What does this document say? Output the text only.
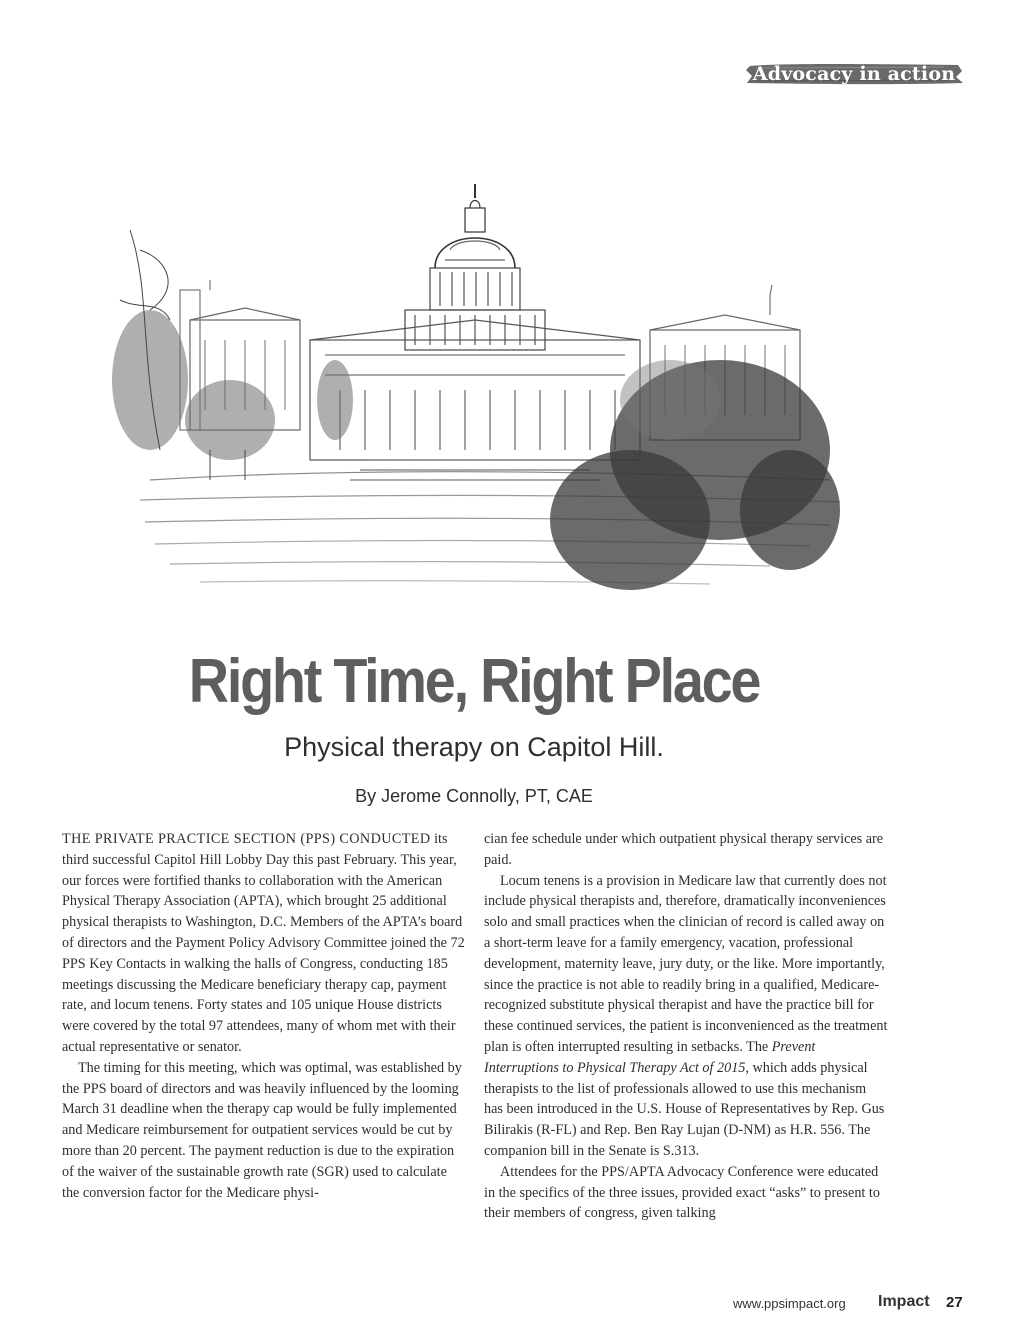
Advocacy in action
Right Time, Right Place
Physical therapy on Capitol Hill.
By Jerome Connolly, PT, CAE

THE PRIVATE PRACTICE SECTION (PPS) CONDUCTED its third successful Capitol Hill Lobby Day this past February. This year, our forces were fortified thanks to collaboration with the American Physical Therapy Association (APTA), which brought 25 additional physical therapists to Washington, D.C. Members of the APTA’s board of directors and the Payment Policy Advisory Committee joined the 72 PPS Key Contacts in walking the halls of Congress, conducting 185 meetings discussing the Medicare beneficiary therapy cap, payment rate, and locum tenens. Forty states and 105 unique House districts were covered by the total 97 attendees, many of whom met with their actual representative or senator.

The timing for this meeting, which was optimal, was established by the PPS board of directors and was heavily influenced by the looming March 31 deadline when the therapy cap would be fully implemented and Medicare reimbursement for outpatient services would be cut by more than 20 percent. The payment reduction is due to the expiration of the waiver of the sustainable growth rate (SGR) used to calculate the conversion factor for the Medicare physi-

cian fee schedule under which outpatient physical therapy services are paid.

Locum tenens is a provision in Medicare law that currently does not include physical therapists and, therefore, dramatically inconveniences solo and small practices when the clinician of record is called away on a short-term leave for a family emergency, vacation, professional development, maternity leave, jury duty, or the like. More importantly, since the practice is not able to readily bring in a qualified, Medicare-recognized substitute physical therapist and have the practice bill for these continued services, the patient is inconvenienced as the treatment plan is often interrupted resulting in setbacks. The Prevent Interruptions to Physical Therapy Act of 2015, which adds physical therapists to the list of professionals allowed to use this mechanism has been introduced in the U.S. House of Representatives by Rep. Gus Bilirakis (R-FL) and Rep. Ben Ray Lujan (D-NM) as H.R. 556. The companion bill in the Senate is S.313.

Attendees for the PPS/APTA Advocacy Conference were educated in the specifics of the three issues, provided exact “asks” to present to their members of congress, given talking

www.ppsimpact.org	Impact	27
